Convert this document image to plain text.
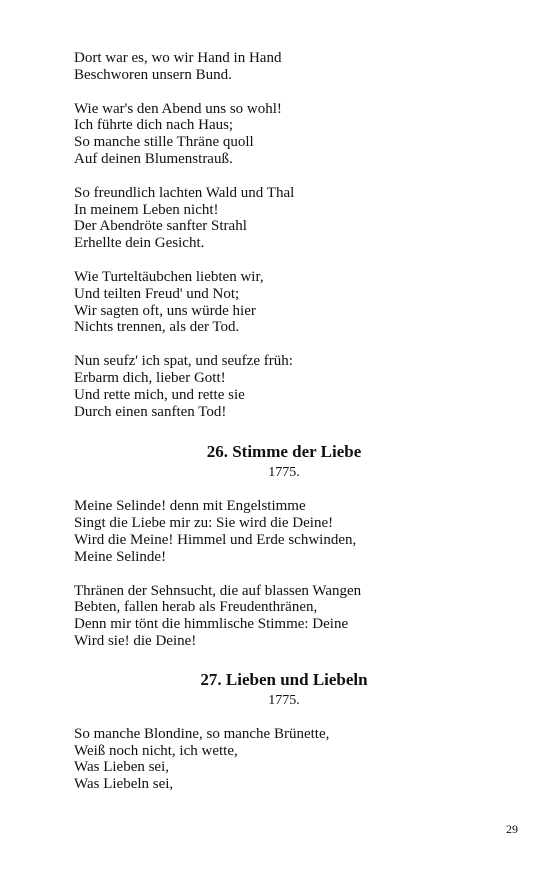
Dort war es, wo wir Hand in Hand
Beschworen unsern Bund.
Wie war's den Abend uns so wohl!
Ich führte dich nach Haus;
So manche stille Thräne quoll
Auf deinen Blumenstrauß.
So freundlich lachten Wald und Thal
In meinem Leben nicht!
Der Abendröte sanfter Strahl
Erhellte dein Gesicht.
Wie Turteltäubchen liebten wir,
Und teilten Freud' und Not;
Wir sagten oft, uns würde hier
Nichts trennen, als der Tod.
Nun seufz' ich spat, und seufze früh:
Erbarm dich, lieber Gott!
Und rette mich, und rette sie
Durch einen sanften Tod!
26. Stimme der Liebe
1775.
Meine Selinde! denn mit Engelstimme
Singt die Liebe mir zu: Sie wird die Deine!
Wird die Meine! Himmel und Erde schwinden,
Meine Selinde!
Thränen der Sehnsucht, die auf blassen Wangen
Bebten, fallen herab als Freudenthränen,
Denn mir tönt die himmlische Stimme: Deine
Wird sie! die Deine!
27. Lieben und Liebeln
1775.
So manche Blondine, so manche Brünette,
Weiß noch nicht, ich wette,
Was Lieben sei,
Was Liebeln sei,
29
